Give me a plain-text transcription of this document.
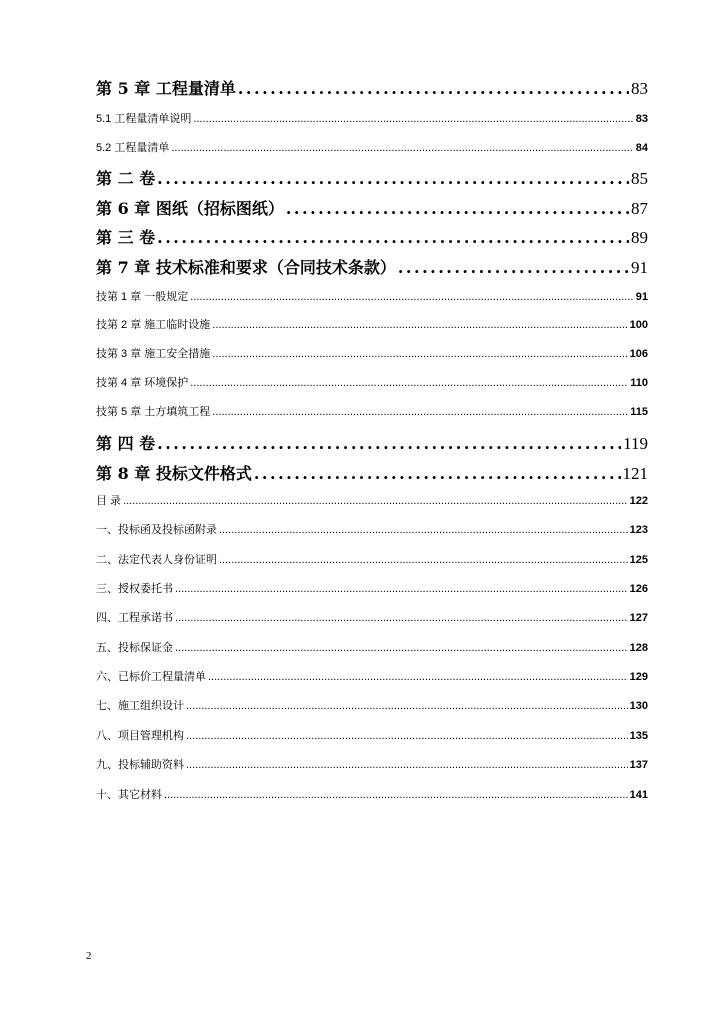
第 5 章 工程量清单 .....	83
5.1 工程量清单说明 .....	83
5.2 工程量清单 .....	84
第 二 卷 .....	85
第 6 章 图纸（招标图纸） .....	87
第 三 卷 .....	89
第 7 章 技术标准和要求（合同技术条款） .....	91
技第 1 章 一般规定 .....	91
技第 2 章 施工临时设施 .....	100
技第 3 章 施工安全措施 .....	106
技第 4 章 环境保护 .....	110
技第 5 章 土方填筑工程 .....	115
第 四 卷 .....	119
第 8 章 投标文件格式 .....	121
目 录 .....	122
一、投标函及投标函附录 .....	123
二、法定代表人身份证明 .....	125
三、授权委托书 .....	126
四、工程承诺书 .....	127
五、投标保证金 .....	128
六、已标价工程量清单 .....	129
七、施工组织设计 .....	130
八、项目管理机构 .....	135
九、投标辅助资料 .....	137
十、其它材料 .....	141
2
